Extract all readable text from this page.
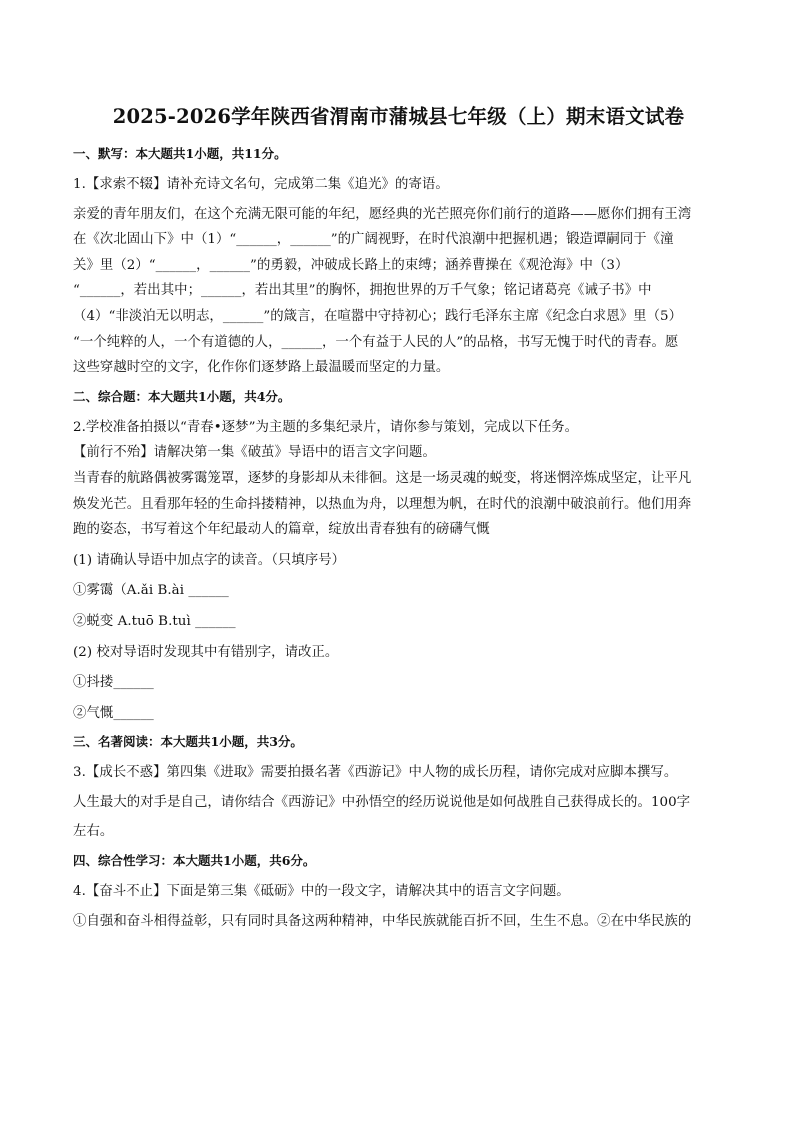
2025-2026学年陕西省渭南市蒲城县七年级（上）期末语文试卷
一、默写：本大题共1小题，共11分。

1.【求索不辍】请补充诗文名句，完成第二集《追光》的寄语。

亲爱的青年朋友们，在这个充满无限可能的年纪，愿经典的光芒照亮你们前行的道路——愿你们拥有王湾

在《次北固山下》中（1）“______，______”的广阔视野，在时代浪潮中把握机遇；锻造谭嗣同于《潼

关》里（2）“______，______”的勇毅，冲破成长路上的束缚；涵养曹操在《观沧海》中（3）

“______，若出其中；______，若出其里”的胸怀，拥抱世界的万千气象；铭记诸葛亮《诫子书》中

（4）“非淡泊无以明志，______”的箴言，在喧嚣中守持初心；践行毛泽东主席《纪念白求恩》里（5）

“一个纯粹的人，一个有道德的人，______，一个有益于人民的人”的品格，书写无愧于时代的青春。愿

这些穿越时空的文字，化作你们逐梦路上最温暖而坚定的力量。

二、综合题：本大题共1小题，共4分。

2.学校准备拍摄以“青春•逐梦”为主题的多集纪录片，请你参与策划，完成以下任务。

【前行不殆】请解决第一集《破茧》导语中的语言文字问题。

当青春的航路偶被雾霭笼罩，逐梦的身影却从未徘徊。这是一场灵魂的蜕变，将迷惘淬炼成坚定，让平凡

焕发光芒。且看那年轻的生命抖搂精神，以热血为舟，以理想为帆，在时代的浪潮中破浪前行。他们用奔

跑的姿态，书写着这个年纪最动人的篇章，绽放出青春独有的磅礴气慨

(1) 请确认导语中加点字的读音。（只填序号）

①雾霭（A.ǎi B.ài ______

②蜕变 A.tuō B.tuì ______

(2) 校对导语时发现其中有错别字，请改正。

①抖搂______

②气慨______

三、名著阅读：本大题共1小题，共3分。

3.【成长不惑】第四集《进取》需要拍摄名著《西游记》中人物的成长历程，请你完成对应脚本撰写。

人生最大的对手是自己，请你结合《西游记》中孙悟空的经历说说他是如何战胜自己获得成长的。100字

左右。

四、综合性学习：本大题共1小题，共6分。

4.【奋斗不止】下面是第三集《砥砺》中的一段文字，请解决其中的语言文字问题。

①自强和奋斗相得益彰，只有同时具备这两种精神，中华民族就能百折不回，生生不息。②在中华民族的
